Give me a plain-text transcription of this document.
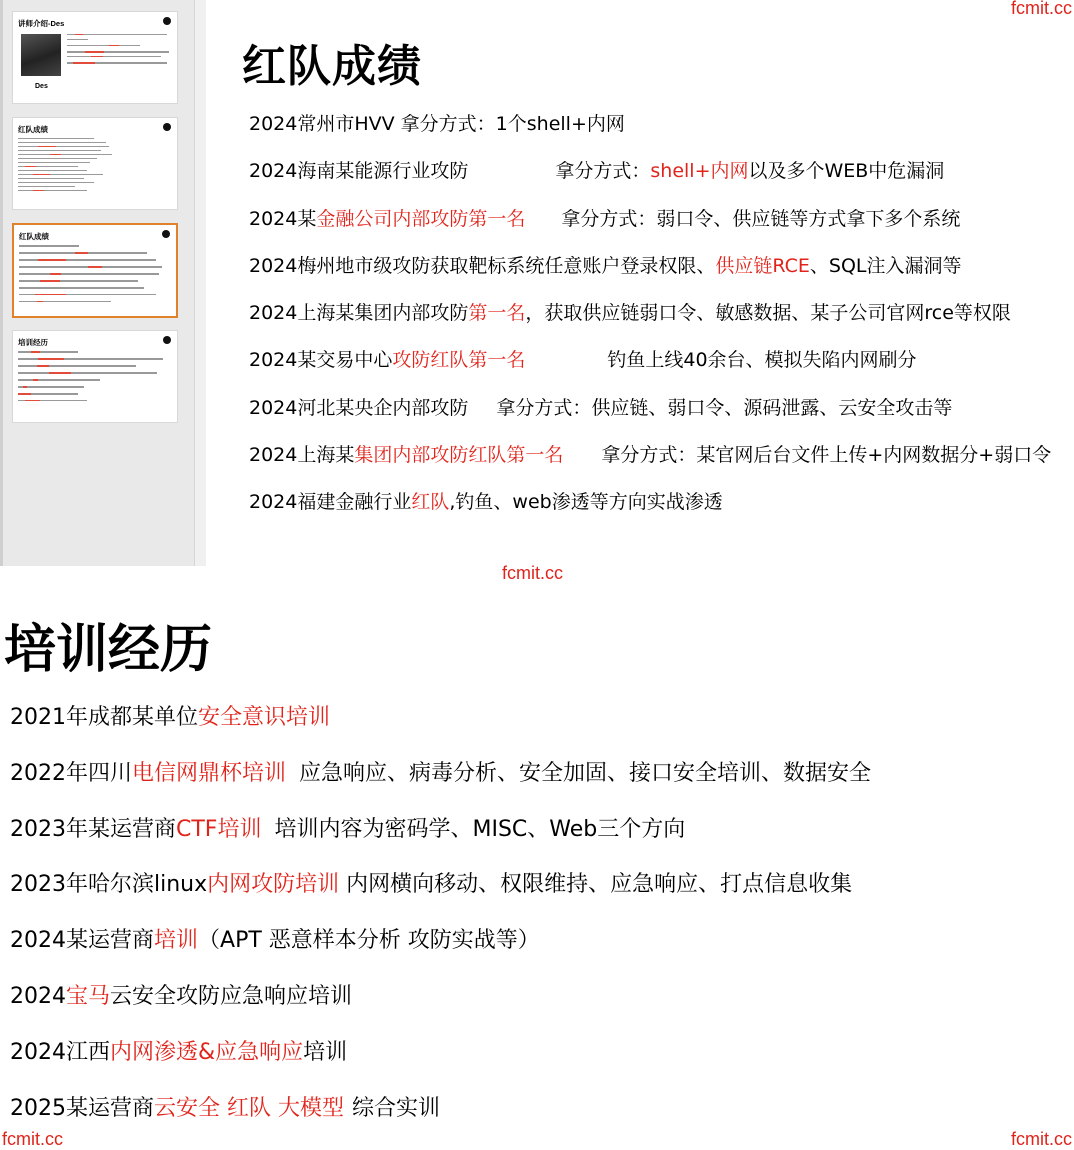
fcmit.cc
fcmit.cc
fcmit.cc	fcmit.cc
讲师介绍-Des
Des
红队成绩
红队成绩
培训经历
红队成绩
2024常州市HVV 拿分方式：1个shell+内网
2024海南某能源行业攻防	拿分方式：shell+内网以及多个WEB中危漏洞
2024某金融公司内部攻防第一名 拿分方式：弱口令、供应链等方式拿下多个系统
2024梅州地市级攻防获取靶标系统任意账户登录权限、供应链RCE、SQL注入漏洞等
2024上海某集团内部攻防第一名，获取供应链弱口令、敏感数据、某子公司官网rce等权限
2024某交易中心攻防红队第一名	钓鱼上线40余台、模拟失陷内网刷分
2024河北某央企内部攻防 拿分方式：供应链、弱口令、源码泄露、云安全攻击等
2024上海某集团内部攻防红队第一名 拿分方式：某官网后台文件上传+内网数据分+弱口令
2024福建金融行业红队,钓鱼、web渗透等方向实战渗透
培训经历
2021年成都某单位安全意识培训
2022年四川电信网鼎杯培训 应急响应、病毒分析、安全加固、接口安全培训、数据安全
2023年某运营商CTF培训 培训内容为密码学、MISC、Web三个方向
2023年哈尔滨linux内网攻防培训 内网横向移动、权限维持、应急响应、打点信息收集
2024某运营商培训（APT 恶意样本分析 攻防实战等）
2024宝马云安全攻防应急响应培训
2024江西内网渗透&应急响应培训
2025某运营商云安全 红队 大模型 综合实训
